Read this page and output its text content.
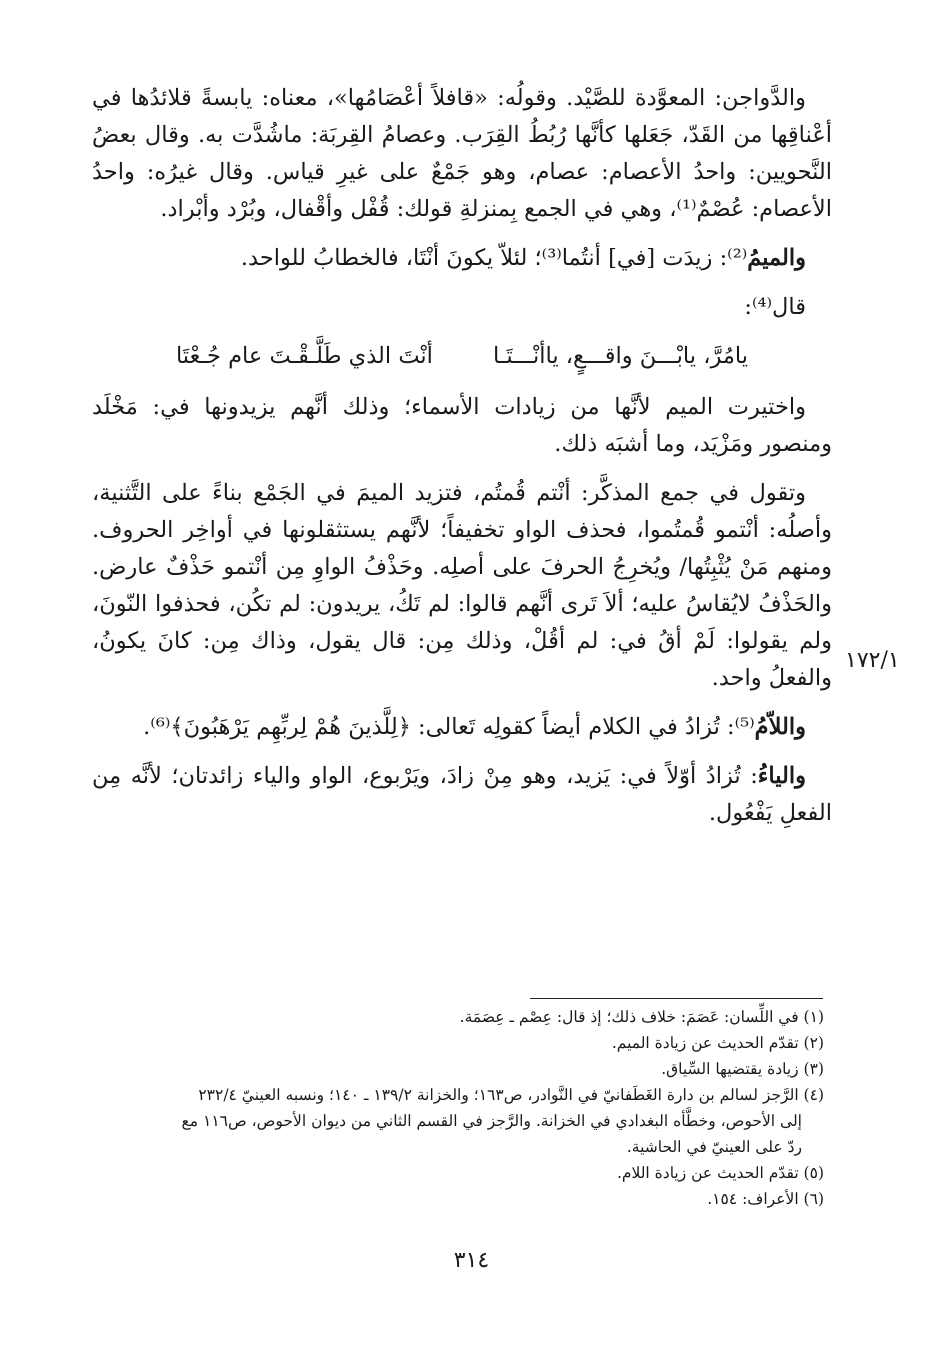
١٧٢/١

والدَّواجن: المعوَّدة للصَّيْد. وقولُه: «قافلاً أعْصَامُها»، معناه: يابسةً قلائدُها في أعْناقِها من القَدّ، جَعَلها كأنَّها رُبُطُ القِرَب. وعصامُ القِربَة: ماشُدَّت به. وقال بعضُ النَّحويين: واحدُ الأعصام: عصام، وهو جَمْعٌ على غيرِ قياس. وقال غيرُه: واحدُ الأعصام: عُصْمٌ⁽¹⁾، وهي في الجمع بِمنزلةِ قولك: قُفْل وأقْفال، وبُرْد وأبْراد.

والميمُ⁽²⁾: زيدَت [في] أنتُما⁽³⁾؛ لئلاّ يكونَ أنْتَا، فالخطابُ للواحد.

قال⁽⁴⁾:

يامُرَّ، يابْـــنَ واقـــعٍ، ياأنْـــتَـا
أنْتَ الذي طَلَّـقْـتَ عام جُـعْتَا

واختيرت الميم لأنَّها من زيادات الأسماء؛ وذلك أنَّهم يزيدونها في: مَخْلَد ومنصور ومَزْيَد، وما أشبَه ذلك.

وتقول في جمع المذكَّر: أنْتم قُمتُم، فتزيد الميمَ في الجَمْع بناءً على التَّثنية، وأصلُه: أنْتمو قُمتُموا، فحذف الواو تخفيفاً؛ لأنَّهم يستثقلونها في أواخِر الحروف. ومنهم مَنْ يُثْبِتُها/ ويُخرِجُ الحرفَ على أصلِه. وحَذْفُ الواوِ مِن أنْتمو حَذْفٌ عارض. والحَذْفُ لايُقاسُ عليه؛ ألاَ تَرى أنَّهم قالوا: لم تَكُ، يريدون: لم تكُن، فحذفوا النّونَ، ولم يقولوا: لَمْ أقُ في: لم أقُلْ، وذلك مِن: قال يقول، وذاك مِن: كانَ يكونُ، والفعلُ واحد.

واللاّمُ⁽⁵⁾: تُزادُ في الكلام أيضاً كقولِه تَعالى: ﴿لِلَّذينَ هُمْ لِربِّهِم يَرْهَبُونَ﴾⁽⁶⁾.

والياءُ: تُزادُ أوّلاً في: يَزيد، وهو مِنْ زادَ، ويَرْبوع، الواو والياء زائدتان؛ لأنَّه مِن الفعلِ يَفْعُول.

(١) في اللِّسان: عَصَمَ: خلاف ذلك؛ إذ قال: عِصْم ـ عِصَمَة.

(٢) تقدّم الحديث عن زيادة الميم.

(٣) زيادة يقتضيها السِّياق.

(٤) الرَّجز لسالم بن دارة الغَطَفانيّ في النَّوادر، ص١٦٣؛ والخزانة ١٣٩/٢ ـ ١٤٠؛ ونسبه العينيّ ٢٣٢/٤

إلى الأحوص، وخطَّأه البغدادي في الخزانة. والرَّجز في القسم الثاني من ديوان الأحوص، ص١١٦ مع

ردّ على العينيّ في الحاشية.

(٥) تقدّم الحديث عن زيادة اللام.

(٦) الأعراف: ١٥٤.

٣١٤
